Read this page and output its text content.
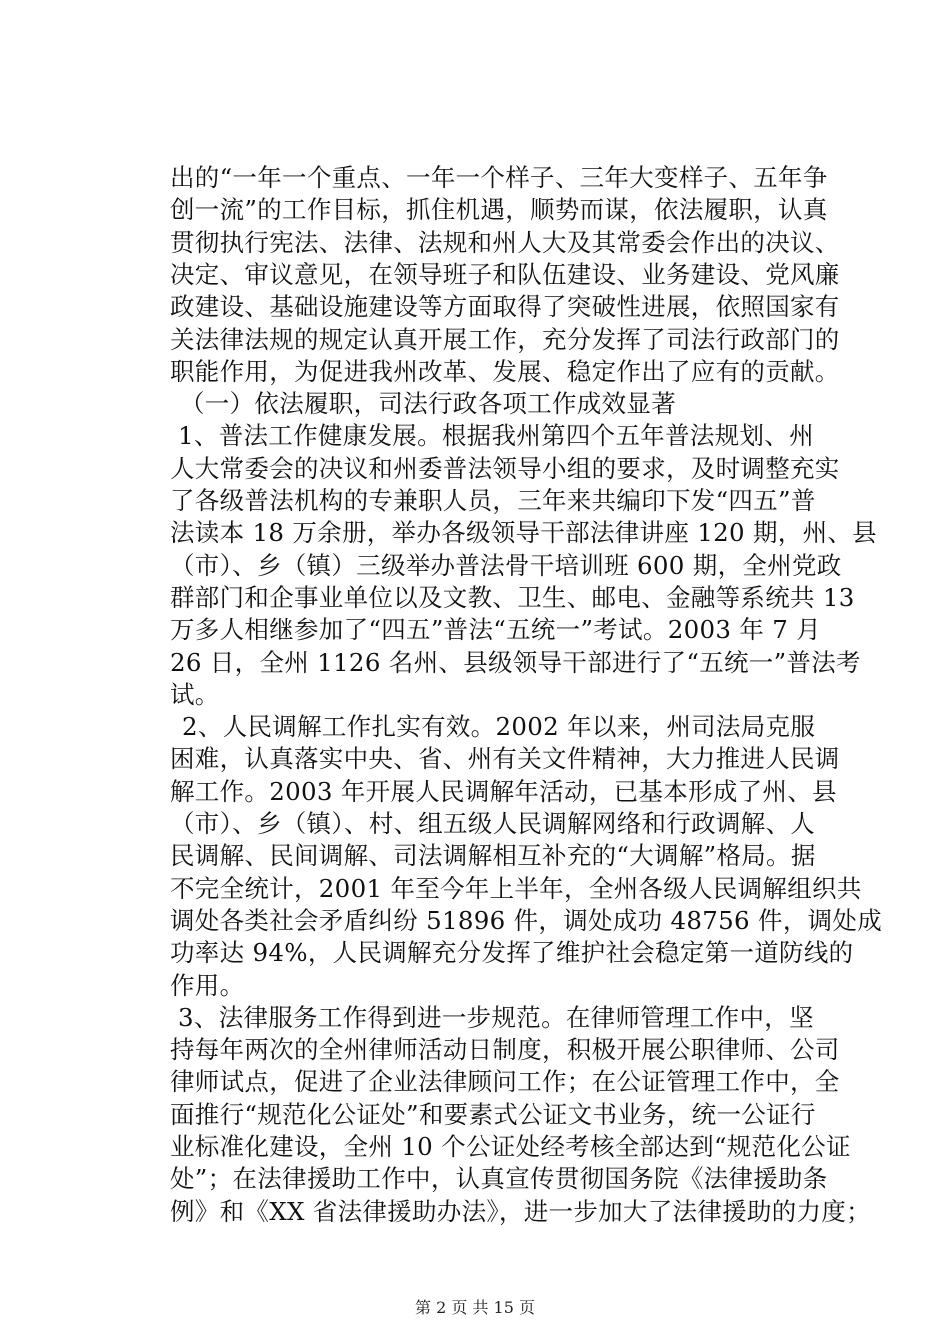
出的“一年一个重点、一年一个样子、三年大变样子、五年争
创一流”的工作目标，抓住机遇，顺势而谋，依法履职，认真
贯彻执行宪法、法律、法规和州人大及其常委会作出的决议、
决定、审议意见，在领导班子和队伍建设、业务建设、党风廉
政建设、基础设施建设等方面取得了突破性进展，依照国家有
关法律法规的规定认真开展工作，充分发挥了司法行政部门的
职能作用，为促进我州改革、发展、稳定作出了应有的贡献。
（一）依法履职，司法行政各项工作成效显著
1、普法工作健康发展。根据我州第四个五年普法规划、州
人大常委会的决议和州委普法领导小组的要求，及时调整充实
了各级普法机构的专兼职人员，三年来共编印下发“四五”普
法读本 18 万余册，举办各级领导干部法律讲座 120 期，州、县
（市）、乡（镇）三级举办普法骨干培训班 600 期，全州党政
群部门和企事业单位以及文教、卫生、邮电、金融等系统共 13
万多人相继参加了“四五”普法“五统一”考试。2003 年 7 月
26 日，全州 1126 名州、县级领导干部进行了“五统一”普法考
试。
2、人民调解工作扎实有效。2002 年以来，州司法局克服
困难，认真落实中央、省、州有关文件精神，大力推进人民调
解工作。2003 年开展人民调解年活动，已基本形成了州、县
（市）、乡（镇）、村、组五级人民调解网络和行政调解、人
民调解、民间调解、司法调解相互补充的“大调解”格局。据
不完全统计，2001 年至今年上半年，全州各级人民调解组织共
调处各类社会矛盾纠纷 51896 件，调处成功 48756 件，调处成
功率达 94%，人民调解充分发挥了维护社会稳定第一道防线的
作用。
3、法律服务工作得到进一步规范。在律师管理工作中，坚
持每年两次的全州律师活动日制度，积极开展公职律师、公司
律师试点，促进了企业法律顾问工作；在公证管理工作中，全
面推行“规范化公证处”和要素式公证文书业务，统一公证行
业标准化建设，全州 10 个公证处经考核全部达到“规范化公证
处”；在法律援助工作中，认真宣传贯彻国务院《法律援助条
例》和《XX 省法律援助办法》，进一步加大了法律援助的力度；
第 2 页 共 15 页
